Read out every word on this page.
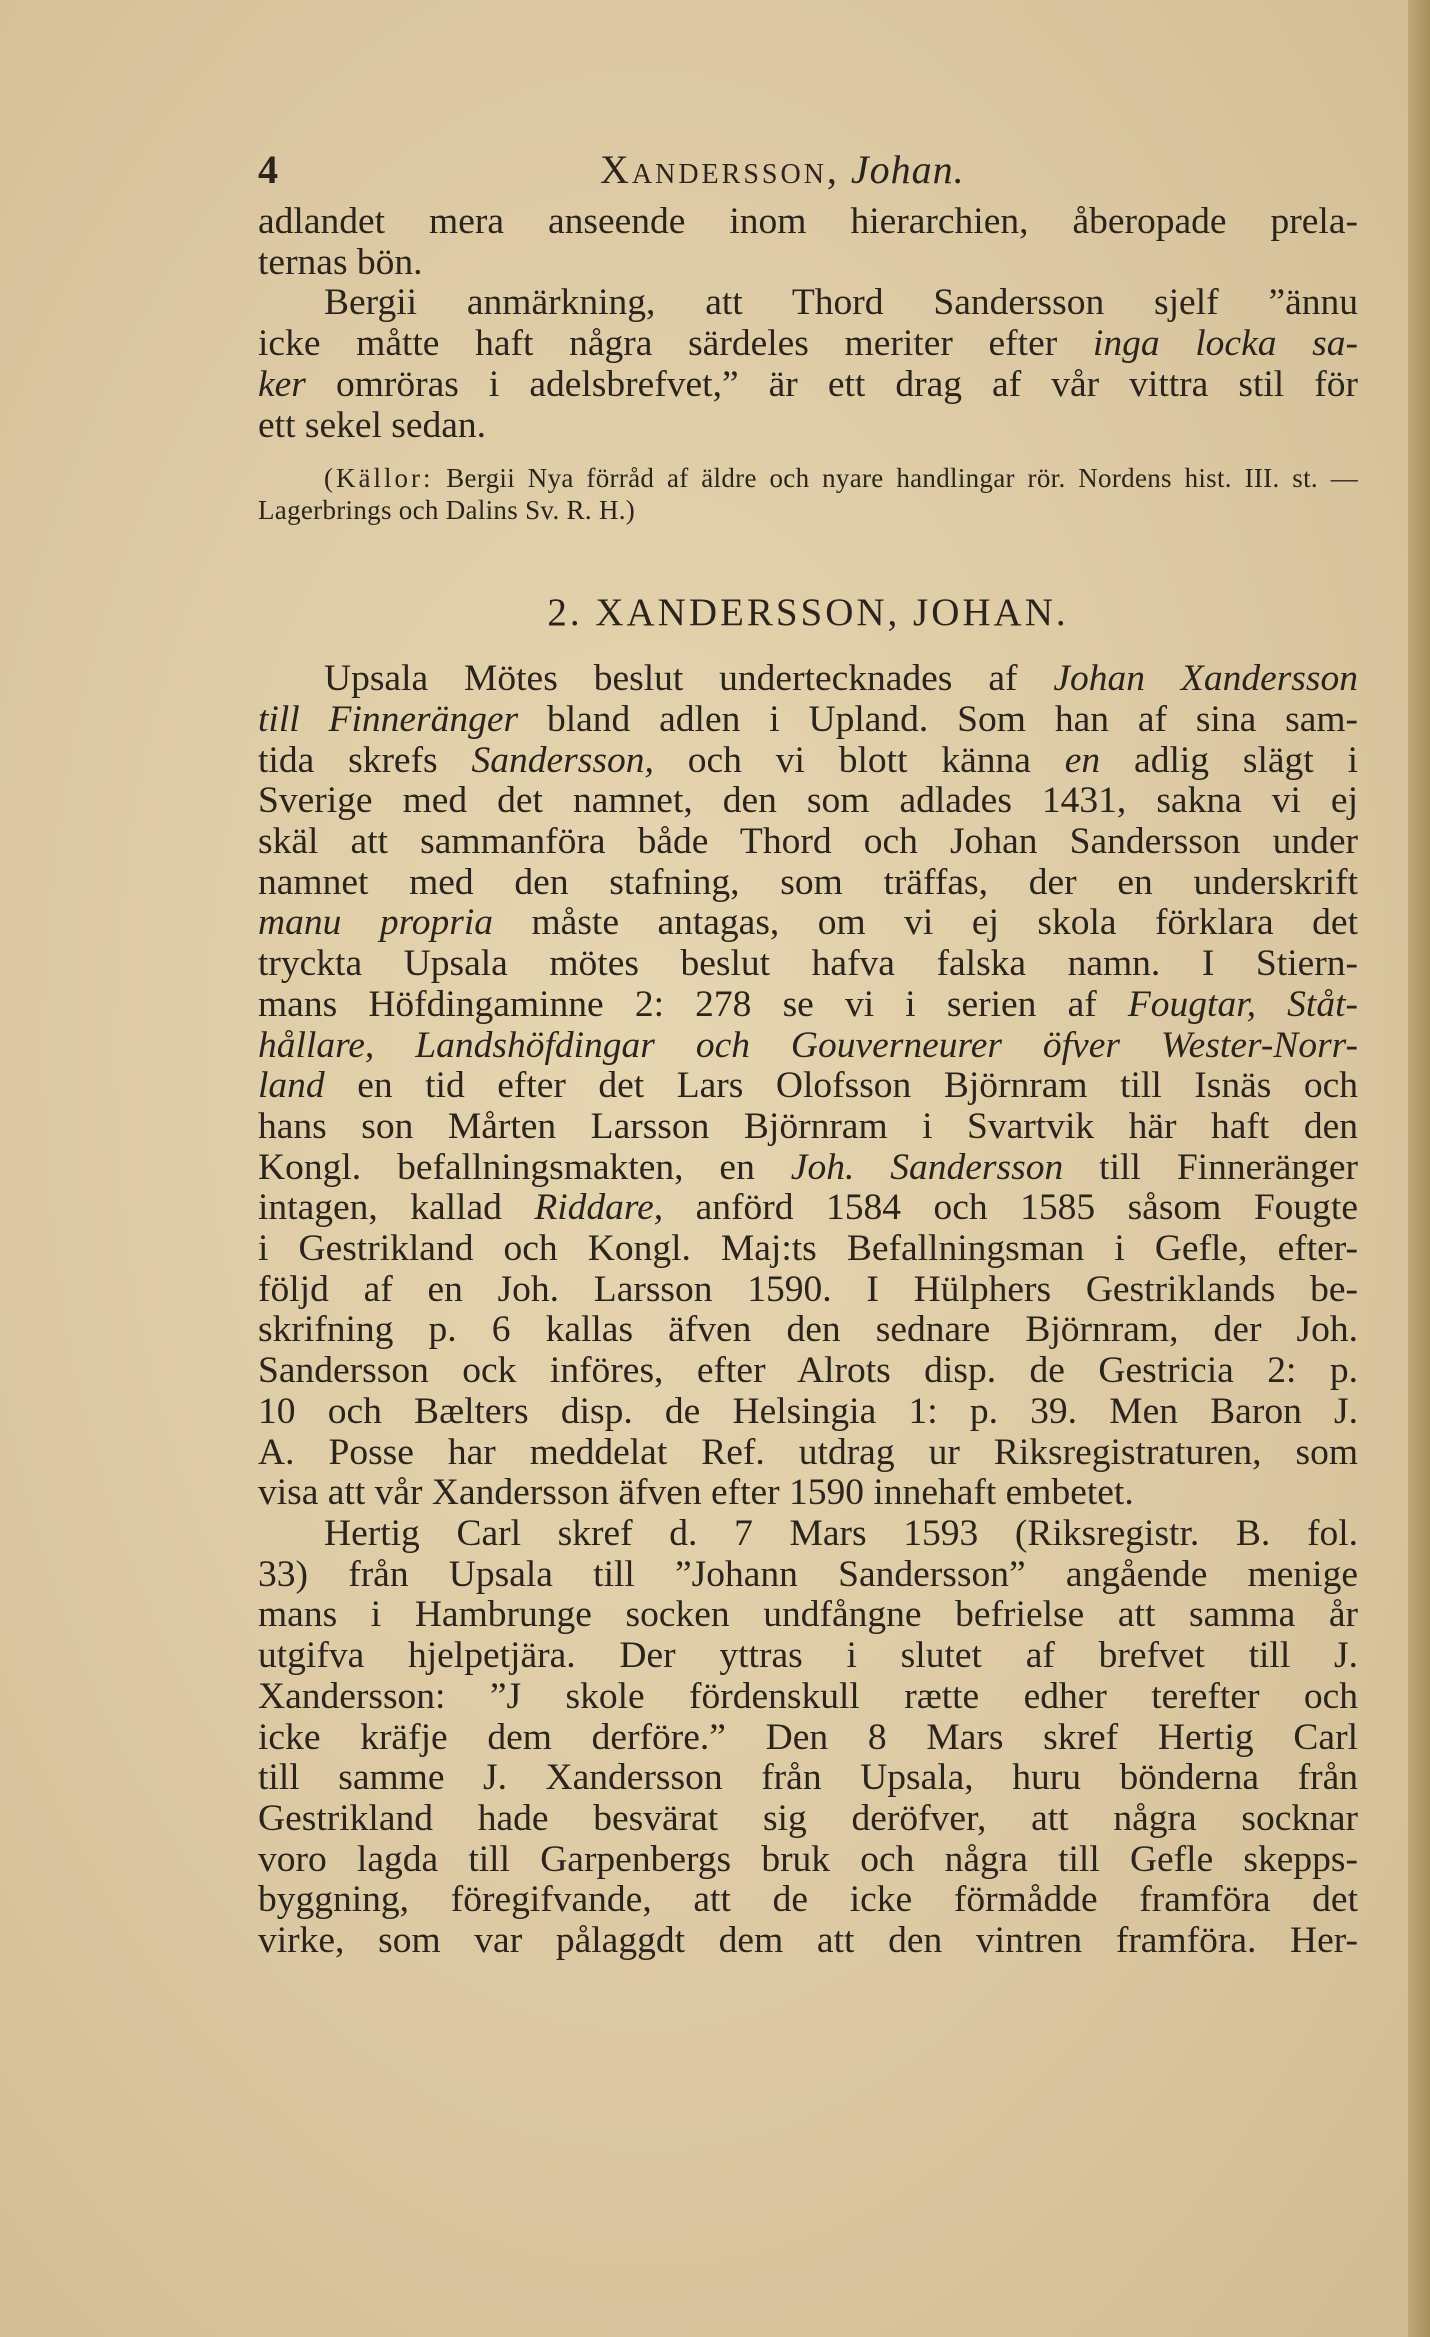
4	Xandersson, Johan.
adlandet mera anseende inom hierarchien, åberopade prela-
ternas bön.
Bergii anmärkning, att Thord Sandersson sjelf ”ännu
icke måtte haft några särdeles meriter efter inga locka sa-
ker omröras i adelsbrefvet,” är ett drag af vår vittra stil för
ett sekel sedan.

(Källor: Bergii Nya förråd af äldre och nyare handlingar rör. Nordens hist. III. st. — Lagerbrings och Dalins Sv. R. H.)

2. XANDERSSON, JOHAN.
Upsala Mötes beslut undertecknades af Johan Xandersson
till Finneränger bland adlen i Upland. Som han af sina sam-
tida skrefs Sandersson, och vi blott känna en adlig slägt i
Sverige med det namnet, den som adlades 1431, sakna vi ej
skäl att sammanföra både Thord och Johan Sandersson under
namnet med den stafning, som träffas, der en underskrift
manu propria måste antagas, om vi ej skola förklara det
tryckta Upsala mötes beslut hafva falska namn. I Stiern-
mans Höfdingaminne 2: 278 se vi i serien af Fougtar, Ståt-
hållare, Landshöfdingar och Gouverneurer öfver Wester-Norr-
land en tid efter det Lars Olofsson Björnram till Isnäs och
hans son Mårten Larsson Björnram i Svartvik här haft den
Kongl. befallningsmakten, en Joh. Sandersson till Finneränger
intagen, kallad Riddare, anförd 1584 och 1585 såsom Fougte
i Gestrikland och Kongl. Maj:ts Befallningsman i Gefle, efter-
följd af en Joh. Larsson 1590. I Hülphers Gestriklands be-
skrifning p. 6 kallas äfven den sednare Björnram, der Joh.
Sandersson ock införes, efter Alrots disp. de Gestricia 2: p.
10 och Bælters disp. de Helsingia 1: p. 39. Men Baron J.
A. Posse har meddelat Ref. utdrag ur Riksregistraturen, som
visa att vår Xandersson äfven efter 1590 innehaft embetet.
Hertig Carl skref d. 7 Mars 1593 (Riksregistr. B. fol.
33) från Upsala till ”Johann Sandersson” angående menige
mans i Hambrunge socken undfångne befrielse att samma år
utgifva hjelpetjära. Der yttras i slutet af brefvet till J.
Xandersson: ”J skole fördenskull rætte edher terefter och
icke kräfje dem derföre.” Den 8 Mars skref Hertig Carl
till samme J. Xandersson från Upsala, huru bönderna från
Gestrikland hade besvärat sig deröfver, att några socknar
voro lagda till Garpenbergs bruk och några till Gefle skepps-
byggning, föregifvande, att de icke förmådde framföra det
virke, som var pålaggdt dem att den vintren framföra. Her-
